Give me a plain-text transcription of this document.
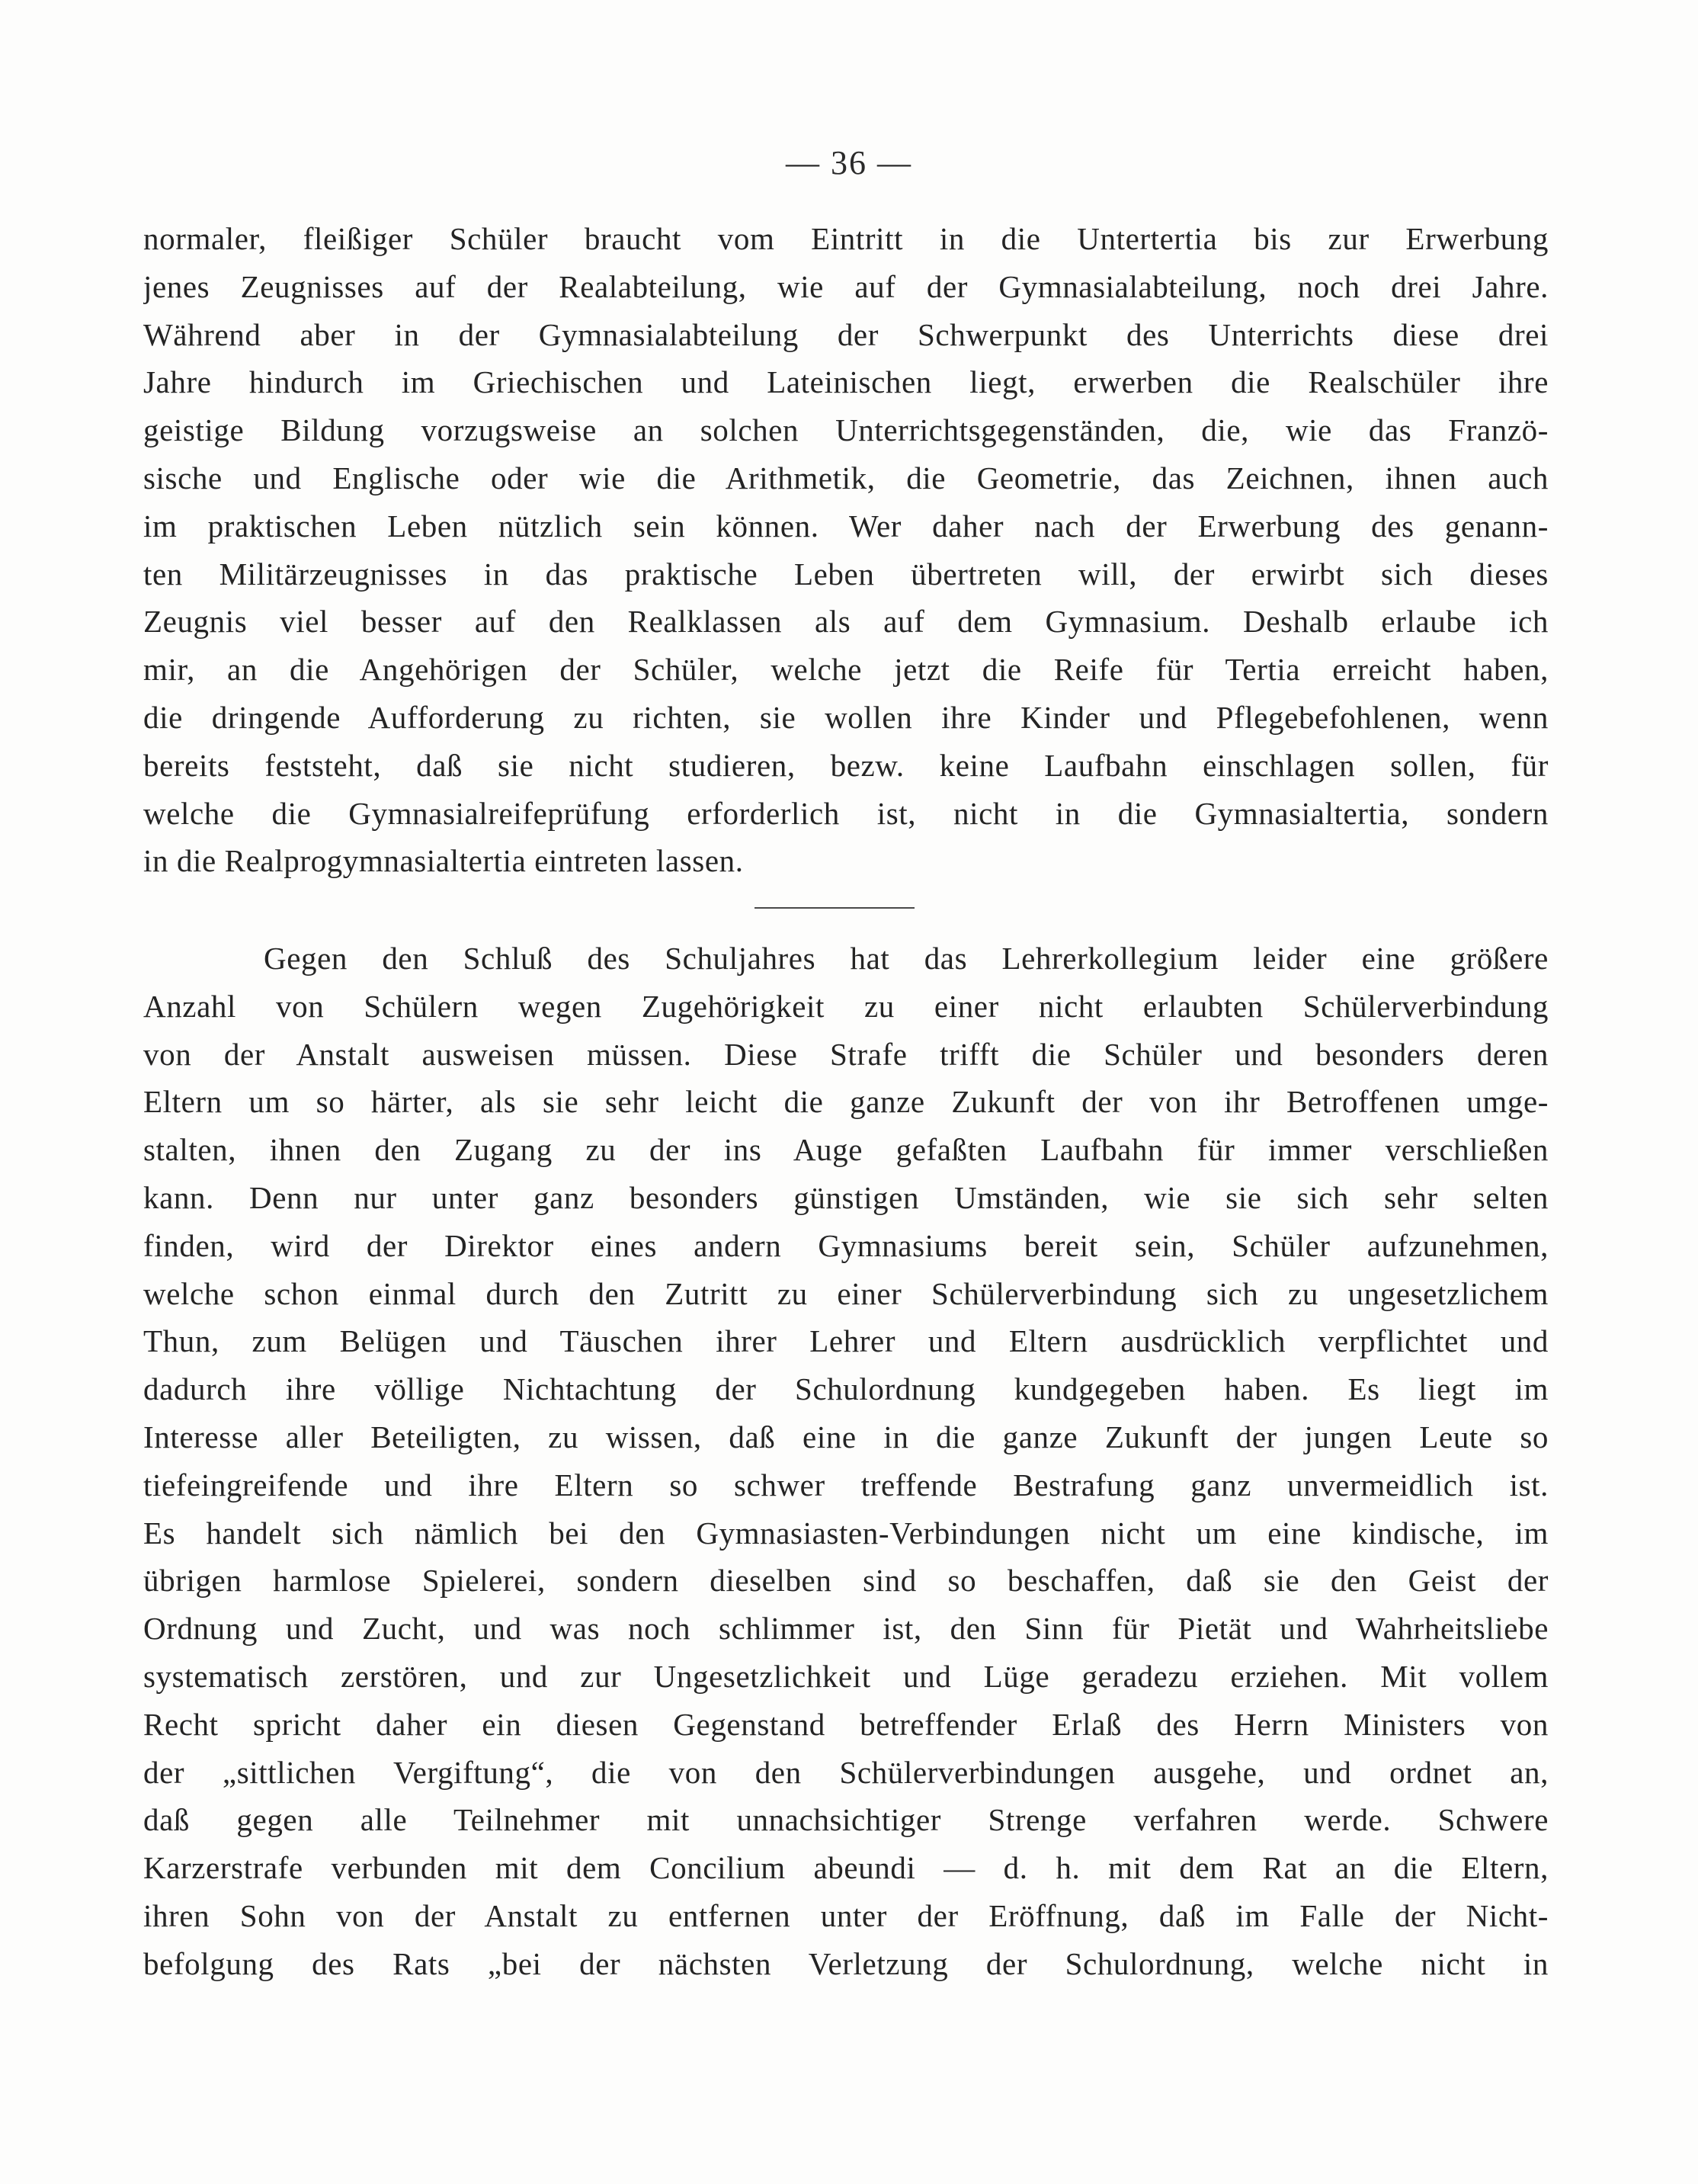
— 36 —
normaler, fleißiger Schüler braucht vom Eintritt in die Untertertia bis zur Erwerbung
jenes Zeugnisses auf der Realabteilung, wie auf der Gymnasialabteilung, noch drei Jahre.
Während aber in der Gymnasialabteilung der Schwerpunkt des Unterrichts diese drei
Jahre hindurch im Griechischen und Lateinischen liegt, erwerben die Realschüler ihre
geistige Bildung vorzugsweise an solchen Unterrichtsgegenständen, die, wie das Franzö-
sische und Englische oder wie die Arithmetik, die Geometrie, das Zeichnen, ihnen auch
im praktischen Leben nützlich sein können. Wer daher nach der Erwerbung des genann-
ten Militärzeugnisses in das praktische Leben übertreten will, der erwirbt sich dieses
Zeugnis viel besser auf den Realklassen als auf dem Gymnasium. Deshalb erlaube ich
mir, an die Angehörigen der Schüler, welche jetzt die Reife für Tertia erreicht haben,
die dringende Aufforderung zu richten, sie wollen ihre Kinder und Pflegebefohlenen, wenn
bereits feststeht, daß sie nicht studieren, bezw. keine Laufbahn einschlagen sollen, für
welche die Gymnasialreifeprüfung erforderlich ist, nicht in die Gymnasialtertia, sondern
in die Realprogymnasialtertia eintreten lassen.
Gegen den Schluß des Schuljahres hat das Lehrerkollegium leider eine größere
Anzahl von Schülern wegen Zugehörigkeit zu einer nicht erlaubten Schülerverbindung
von der Anstalt ausweisen müssen. Diese Strafe trifft die Schüler und besonders deren
Eltern um so härter, als sie sehr leicht die ganze Zukunft der von ihr Betroffenen umge-
stalten, ihnen den Zugang zu der ins Auge gefaßten Laufbahn für immer verschließen
kann. Denn nur unter ganz besonders günstigen Umständen, wie sie sich sehr selten
finden, wird der Direktor eines andern Gymnasiums bereit sein, Schüler aufzunehmen,
welche schon einmal durch den Zutritt zu einer Schülerverbindung sich zu ungesetzlichem
Thun, zum Belügen und Täuschen ihrer Lehrer und Eltern ausdrücklich verpflichtet und
dadurch ihre völlige Nichtachtung der Schulordnung kundgegeben haben. Es liegt im
Interesse aller Beteiligten, zu wissen, daß eine in die ganze Zukunft der jungen Leute so
tiefeingreifende und ihre Eltern so schwer treffende Bestrafung ganz unvermeidlich ist.
Es handelt sich nämlich bei den Gymnasiasten-Verbindungen nicht um eine kindische, im
übrigen harmlose Spielerei, sondern dieselben sind so beschaffen, daß sie den Geist der
Ordnung und Zucht, und was noch schlimmer ist, den Sinn für Pietät und Wahrheitsliebe
systematisch zerstören, und zur Ungesetzlichkeit und Lüge geradezu erziehen. Mit vollem
Recht spricht daher ein diesen Gegenstand betreffender Erlaß des Herrn Ministers von
der „sittlichen Vergiftung“, die von den Schülerverbindungen ausgehe, und ordnet an,
daß gegen alle Teilnehmer mit unnachsichtiger Strenge verfahren werde. Schwere
Karzerstrafe verbunden mit dem Concilium abeundi — d. h. mit dem Rat an die Eltern,
ihren Sohn von der Anstalt zu entfernen unter der Eröffnung, daß im Falle der Nicht-
befolgung des Rats „bei der nächsten Verletzung der Schulordnung, welche nicht in
